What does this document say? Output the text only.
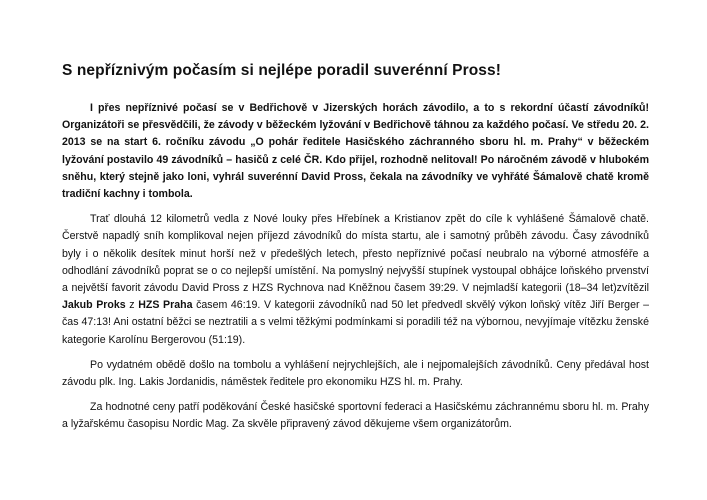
S nepříznivým počasím si nejlépe poradil suverénní Pross!

I přes nepříznivé počasí se v Bedřichově v Jizerských horách závodilo, a to s rekordní účastí závodníků! Organizátoři se přesvědčili, že závody v běžeckém lyžování v Bedřichově táhnou za každého počasí. Ve středu 20. 2. 2013 se na start 6. ročníku závodu „O pohár ředitele Hasičského záchranného sboru hl. m. Prahy“ v běžeckém lyžování postavilo 49 závodníků – hasičů z celé ČR. Kdo přijel, rozhodně nelitoval! Po náročném závodě v hlubokém sněhu, který stejně jako loni, vyhrál suverénní David Pross, čekala na závodníky ve vyhřáté Šámalově chatě kromě tradiční kachny i tombola.

Trať dlouhá 12 kilometrů vedla z Nové louky přes Hřebínek a Kristianov zpět do cíle k vyhlášené Šámalově chatě. Čerstvě napadlý sníh komplikoval nejen příjezd závodníků do místa startu, ale i samotný průběh závodu. Časy závodníků byly i o několik desítek minut horší než v předešlých letech, přesto nepříznivé počasí neubralo na výborné atmosféře a odhodlání závodníků poprat se o co nejlepší umístění. Na pomyslný nejvyšší stupínek vystoupal obhájce loňského prvenství a největší favorit závodu David Pross z HZS Rychnova nad Kněžnou časem 39:29. V nejmladší kategorii (18–34 let)zvítězil Jakub Proks z HZS Praha časem 46:19. V kategorii závodníků nad 50 let předvedl skvělý výkon loňský vítěz Jiří Berger – čas 47:13! Ani ostatní běžci se neztratili a s velmi těžkými podmínkami si poradili též na výbornou, nevyjímaje vítězku ženské kategorie Karolínu Bergerovou (51:19).

Po vydatném obědě došlo na tombolu a vyhlášení nejrychlejších, ale i nejpomalejších závodníků. Ceny předával host závodu plk. Ing. Lakis Jordanidis, náměstek ředitele pro ekonomiku HZS hl. m. Prahy.

Za hodnotné ceny patří poděkování České hasičské sportovní federaci a Hasičskému záchrannému sboru hl. m. Prahy a lyžařskému časopisu Nordic Mag. Za skvěle připravený závod děkujeme všem organizátorům.
